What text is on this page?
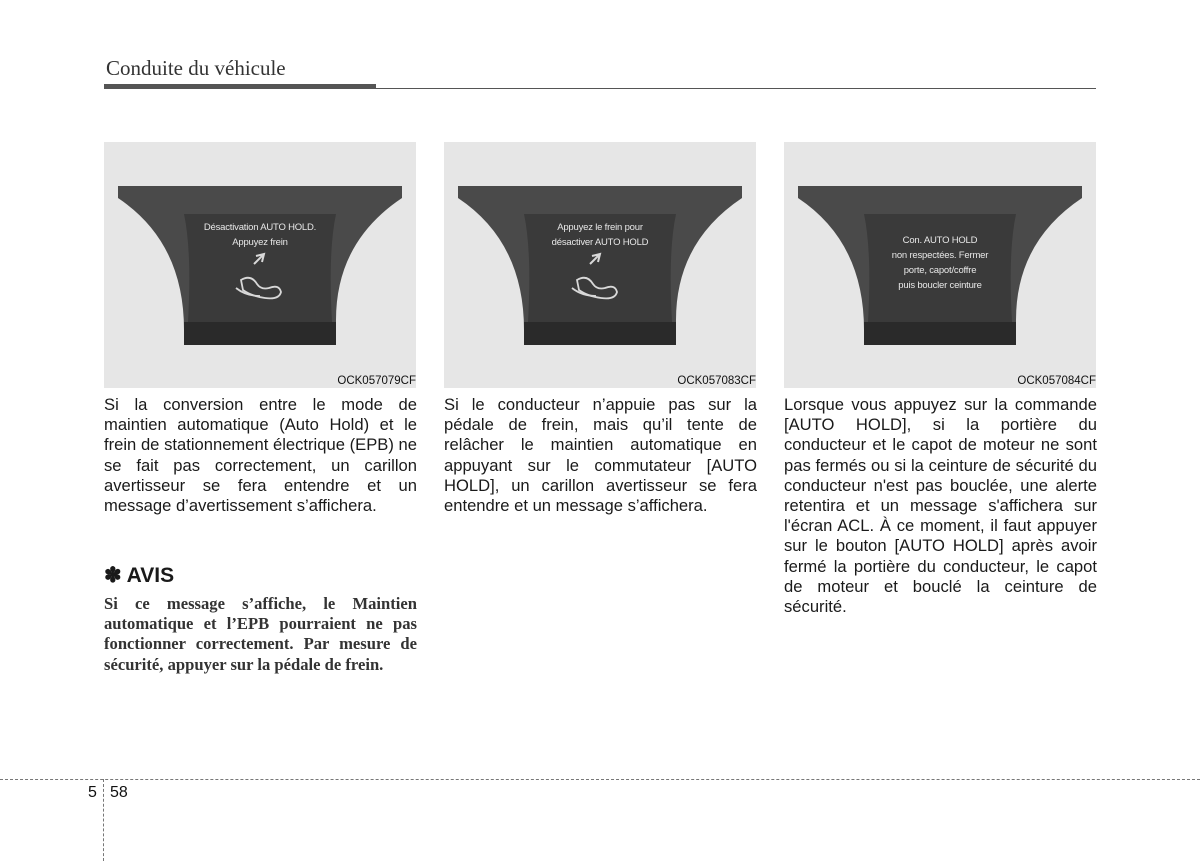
Conduite du véhicule
Désactivation AUTO HOLD.
Appuyez frein
OCK057079CF
Appuyez le frein pour
désactiver AUTO HOLD
OCK057083CF
Con. AUTO HOLD
non respectées. Fermer
porte, capot/coffre
puis boucler ceinture
OCK057084CF
Si la conversion entre le mode de maintien automatique (Auto Hold) et le frein de stationnement électrique (EPB) ne se fait pas correctement, un carillon avertisseur se fera entendre et un message d’avertissement s’affichera.
Si le conducteur n’appuie pas sur la pédale de frein, mais qu’il tente de relâcher le maintien automatique en appuyant sur le commutateur [AUTO HOLD], un carillon avertisseur se fera entendre et un message s’affichera.
Lorsque vous appuyez sur la commande [AUTO HOLD], si la portière du conducteur et le capot de moteur ne sont pas fermés ou si la ceinture de sécurité du conducteur n'est pas bouclée, une alerte retentira et un message s'affichera sur l'écran ACL. À ce moment, il faut appuyer sur le bouton [AUTO HOLD] après avoir fermé la portière du conducteur, le capot de moteur et bouclé la ceinture de sécurité.
✽ AVIS
Si ce message s’affiche, le Maintien automatique et l’EPB pourraient ne pas fonctionner correctement. Par mesure de sécurité, appuyer sur la pédale de frein.
5 58
